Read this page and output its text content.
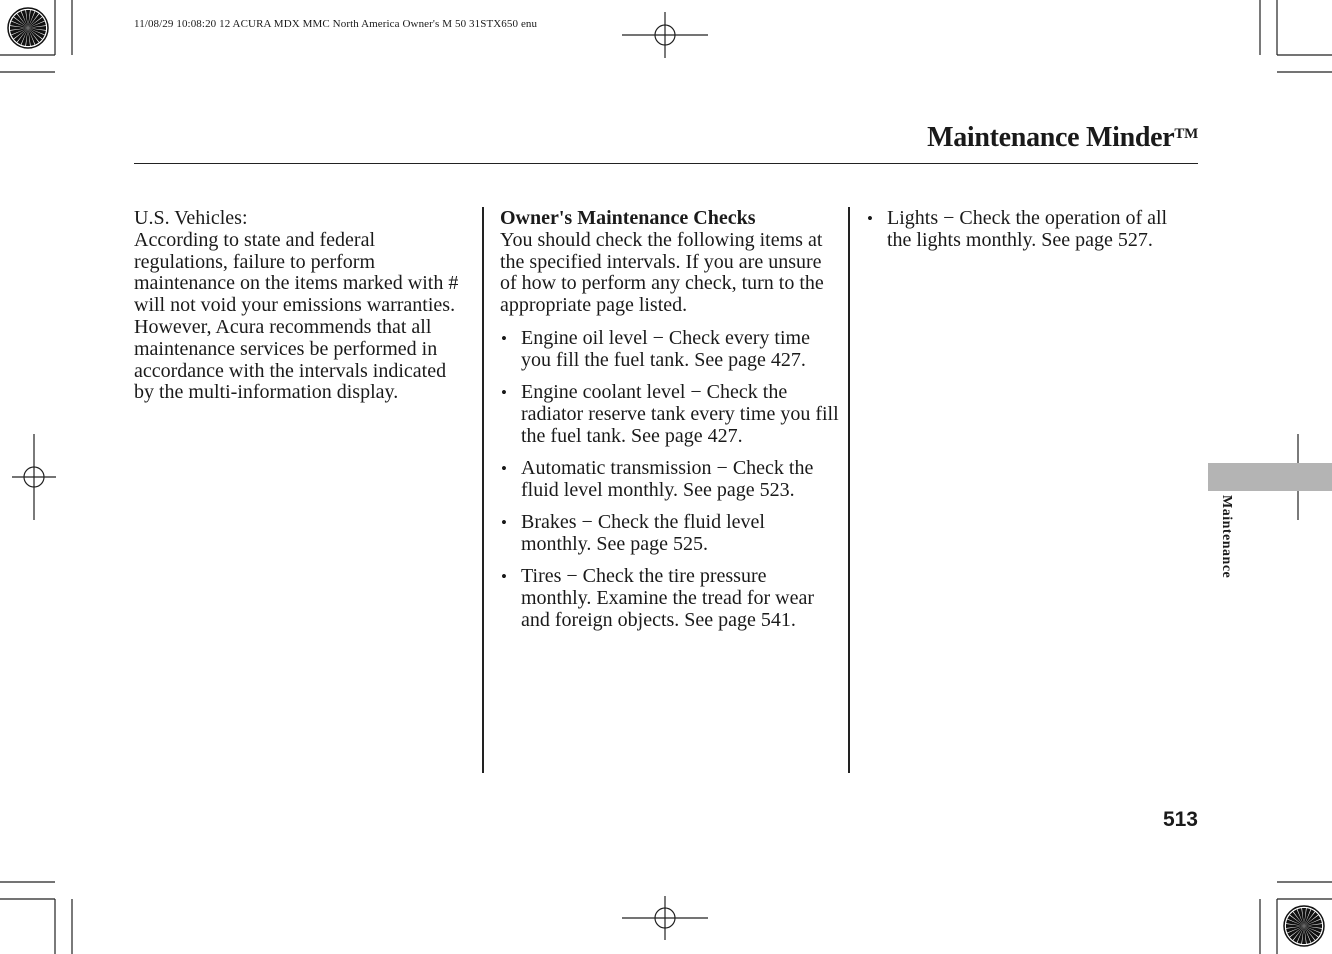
11/08/29 10:08:20 12 ACURA MDX MMC North America Owner's M 50 31STX650 enu
Maintenance Minder™
U.S. Vehicles:
According to state and federal regulations, failure to perform maintenance on the items marked with # will not void your emissions warranties. However, Acura recommends that all maintenance services be performed in accordance with the intervals indicated by the multi-information display.
Owner's Maintenance Checks
You should check the following items at the specified intervals. If you are unsure of how to perform any check, turn to the appropriate page listed.
• Engine oil level − Check every time you fill the fuel tank. See page 427.
• Engine coolant level − Check the radiator reserve tank every time you fill the fuel tank. See page 427.
• Automatic transmission − Check the fluid level monthly. See page 523.
• Brakes − Check the fluid level monthly. See page 525.
• Tires − Check the tire pressure monthly. Examine the tread for wear and foreign objects. See page 541.
• Lights − Check the operation of all the lights monthly. See page 527.
Maintenance
513
